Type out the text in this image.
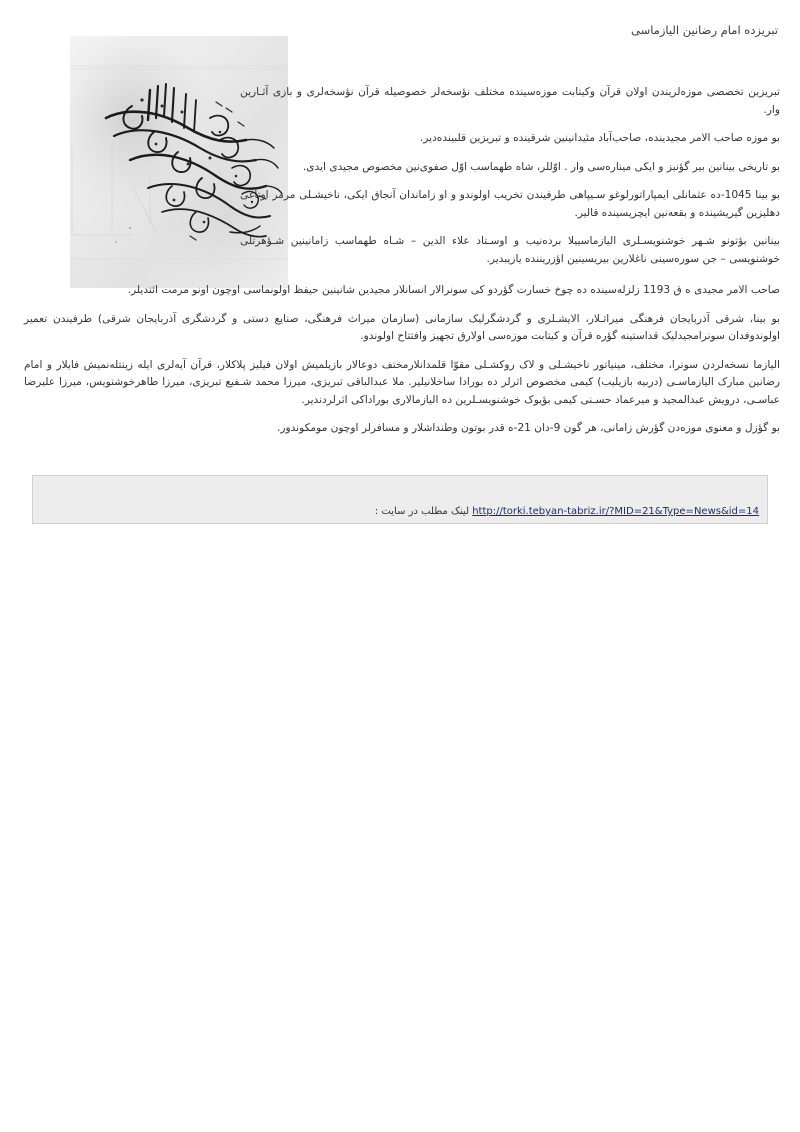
تبریزده امام رضانین الیازماسی

تبریزین تخصصی موزه‌لریندن اولان قرآن وکیتابت موزه‌سینده مختلف نؤسخه‌لر خصوصیله قرآن نؤسخه‌لری و بازی آثـارین وار.

بو موزه صاحب الامر مجیدینده، صاحب‌آباد مئیدانینین شرقینده و تبریزین قلبینده‌دیر.

بو تاریخی بینانین بیر گؤنبز و ایکی میناره‌سی وار . اوّللر، شاه طهماسب اوّل صفوی‌نین مخصوص مجیدی ایدی.

بو بینا 1045-ده عثمانلی ایمپاراتورلوغو سـیپاهی طرفیندن تخریب اولوندو و او زاماندان آنجاق ایکی، ناخیشـلی مرمر اوتاغی دهلیزین گیریشینده و بقعه‌نین ایچریسینده قالیر.

بینانین بؤتونو شـهر خوشنویسـلری الیازماسییلا برده‌نیب و اوسـتاد علاء الدین – شـاه طهماسب زامانینین شـؤهرتلی خوشنویسی – جن سوره‌سینی ناغلارین بیریسینین اؤزریننده یازیبدیر.

صاحب الامر مجیدی ه ق 1193 زلزله‌سینده ده چوخ خسارت گؤردو کی سونرالار انسانلار مجیدین شانینین حیفظ اولونماسی اوچون اونو مرمت ائتدیلر.

بو بینا، شرقی آذربایجان فرهنگی میراثـلار، الایشـلری و گردشگرلیک سازمانی (سازمان میراث فرهنگی، صنایع دستی و گردشگری آذربایجان شرقی) طرفیندن تعمیر اولوندوفدان سونرامجیدلیک قداستینه گؤره قرآن و کیتابت موزه‌سی اولارق تجهیز وافتتاح اولوندو.

الیازما نسخه‌لردن سونرا، مختلف، مینیاتور ناخیشـلی و لاک روکشـلی مقوّا قلمدانلارمختف دوعالار بازیلمیش اولان فیلیز پلاکلار، قرآن آیه‌لری ایله زینتله‌نمیش فایلار و امام رضانین مبارک الیازماسـی (دربیه بازیلیب) کیمی مخصوص اثرلر ده بورادا ساخلانیلیر. ملا عبدالباقی تبریزی، میرزا محمد شـفیع تبریزی، میرزا طاهرخوشنویس، میرزا علیرضا عباسـی، درویش عبدالمجید و میرعماد حسـنی کیمی بؤیوک خوشنویسـلرین ده الیازمالاری بوراداکی اثرلردندیر.

بو گؤزل و معنوی موزه‌دن گؤرش زامانی، هر گون 9-دان 21-ه قدر بوتون وطنداشلار و مسافرلر اوچون مومکوندور.

http://torki.tebyan-tabriz.ir/?MID=21&Type=News&id=14 لینک مطلب در سایت :
